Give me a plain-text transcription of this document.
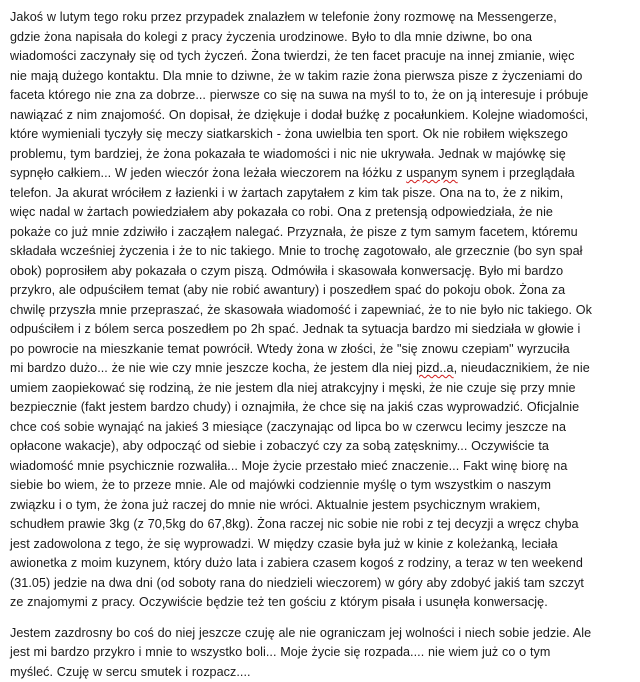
Jakoś w lutym tego roku przez przypadek znalazłem w telefonie żony rozmowę na Messengerze,
gdzie żona napisała do kolegi z pracy życzenia urodzinowe. Było to dla mnie dziwne, bo ona
wiadomości zaczynały się od tych życzeń. Żona twierdzi, że ten facet pracuje na innej zmianie, więc
nie mają dużego kontaktu. Dla mnie to dziwne, że w takim razie żona pierwsza pisze z życzeniami do
faceta którego nie zna za dobrze... pierwsze co się na suwa na myśl to to, że on ją interesuje i próbuje
nawiązać z nim znajomość. On dopisał, że dziękuje i dodał buźkę z pocałunkiem. Kolejne wiadomości,
które wymieniali tyczyły się meczy siatkarskich - żona uwielbia ten sport. Ok nie robiłem większego
problemu, tym bardziej, że żona pokazała te wiadomości i nic nie ukrywała. Jednak w majówkę się
sypnęło całkiem... W jeden wieczór żona leżała wieczorem na łóżku z uspanym synem i przeglądała
telefon. Ja akurat wróciłem z łazienki i w żartach zapytałem z kim tak pisze. Ona na to, że z nikim,
więc nadal w żartach powiedziałem aby pokazała co robi. Ona z pretensją odpowiedziała, że nie
pokaże co już mnie zdziwiło i zacząłem nalegać. Przyznała, że pisze z tym samym facetem, któremu
składała wcześniej życzenia i że to nic takiego. Mnie to trochę zagotowało, ale grzecznie (bo syn spał
obok) poprosiłem aby pokazała o czym piszą. Odmówiła i skasowała konwersację. Było mi bardzo
przykro, ale odpuściłem temat (aby nie robić awantury) i poszedłem spać do pokoju obok. Żona za
chwilę przyszła mnie przepraszać, że skasowała wiadomość i zapewniać, że to nie było nic takiego. Ok
odpuściłem i z bólem serca poszedłem po 2h spać. Jednak ta sytuacja bardzo mi siedziała w głowie i
po powrocie na mieszkanie temat powrócił. Wtedy żona w złości, że "się znowu czepiam" wyrzuciła
mi bardzo dużo... że nie wie czy mnie jeszcze kocha, że jestem dla niej pizd..a, nieudacznikiem, że nie
umiem zaopiekować się rodziną, że nie jestem dla niej atrakcyjny i męski, że nie czuje się przy mnie
bezpiecznie (fakt jestem bardzo chudy) i oznajmiła, że chce się na jakiś czas wyprowadzić. Oficjalnie
chce coś sobie wynająć na jakieś 3 miesiące (zaczynając od lipca bo w czerwcu lecimy jeszcze na
opłacone wakacje), aby odpocząć od siebie i zobaczyć czy za sobą zatęsknimy... Oczywiście ta
wiadomość mnie psychicznie rozwaliła... Moje życie przestało mieć znaczenie... Fakt winę biorę na
siebie bo wiem, że to przeze mnie. Ale od majówki codziennie myślę o tym wszystkim o naszym
związku i o tym, że żona już raczej do mnie nie wróci. Aktualnie jestem psychicznym wrakiem,
schudłem prawie 3kg (z 70,5kg do 67,8kg). Żona raczej nic sobie nie robi z tej decyzji a wręcz chyba
jest zadowolona z tego, że się wyprowadzi. W między czasie była już w kinie z koleżanką, leciała
awionetka z moim kuzynem, który dużo lata i zabiera czasem kogoś z rodziny, a teraz w ten weekend
(31.05) jedzie na dwa dni (od soboty rana do niedzieli wieczorem) w góry aby zdobyć jakiś tam szczyt
ze znajomymi z pracy. Oczywiście będzie też ten gościu z którym pisała i usunęła konwersację.

Jestem zazdrosny bo coś do niej jeszcze czuję ale nie ograniczam jej wolności i niech sobie jedzie. Ale
jest mi bardzo przykro i mnie to wszystko boli... Moje życie się rozpada.... nie wiem już co o tym
myśleć. Czuję w sercu smutek i rozpacz....
